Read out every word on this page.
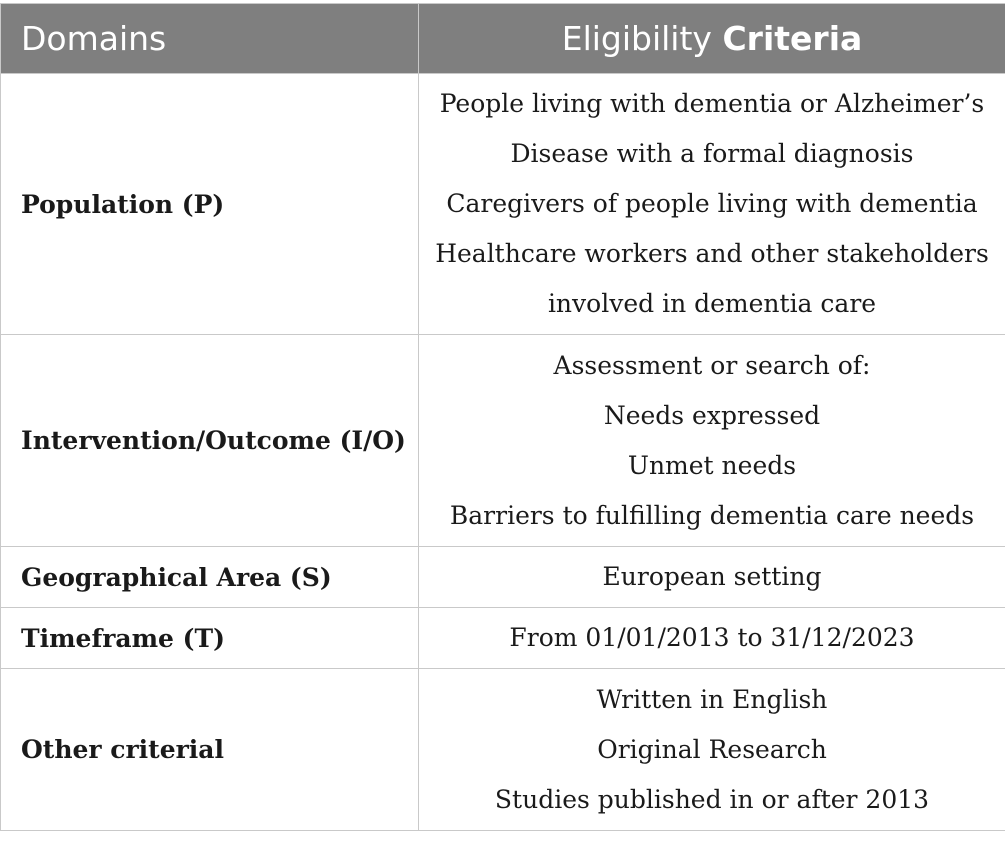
Domains	Eligibility Criteria
Population (P)	People living with dementia or Alzheimer’s
Disease with a formal diagnosis
Caregivers of people living with dementia
Healthcare workers and other stakeholders
involved in dementia care

Intervention/Outcome (I/O)	Assessment or search of:
Needs expressed
Unmet needs
Barriers to fulfilling dementia care needs

Geographical Area (S)	European setting

Timeframe (T)	From 01/01/2013 to 31/12/2023

Other criterial	Written in English
Original Research
Studies published in or after 2013
